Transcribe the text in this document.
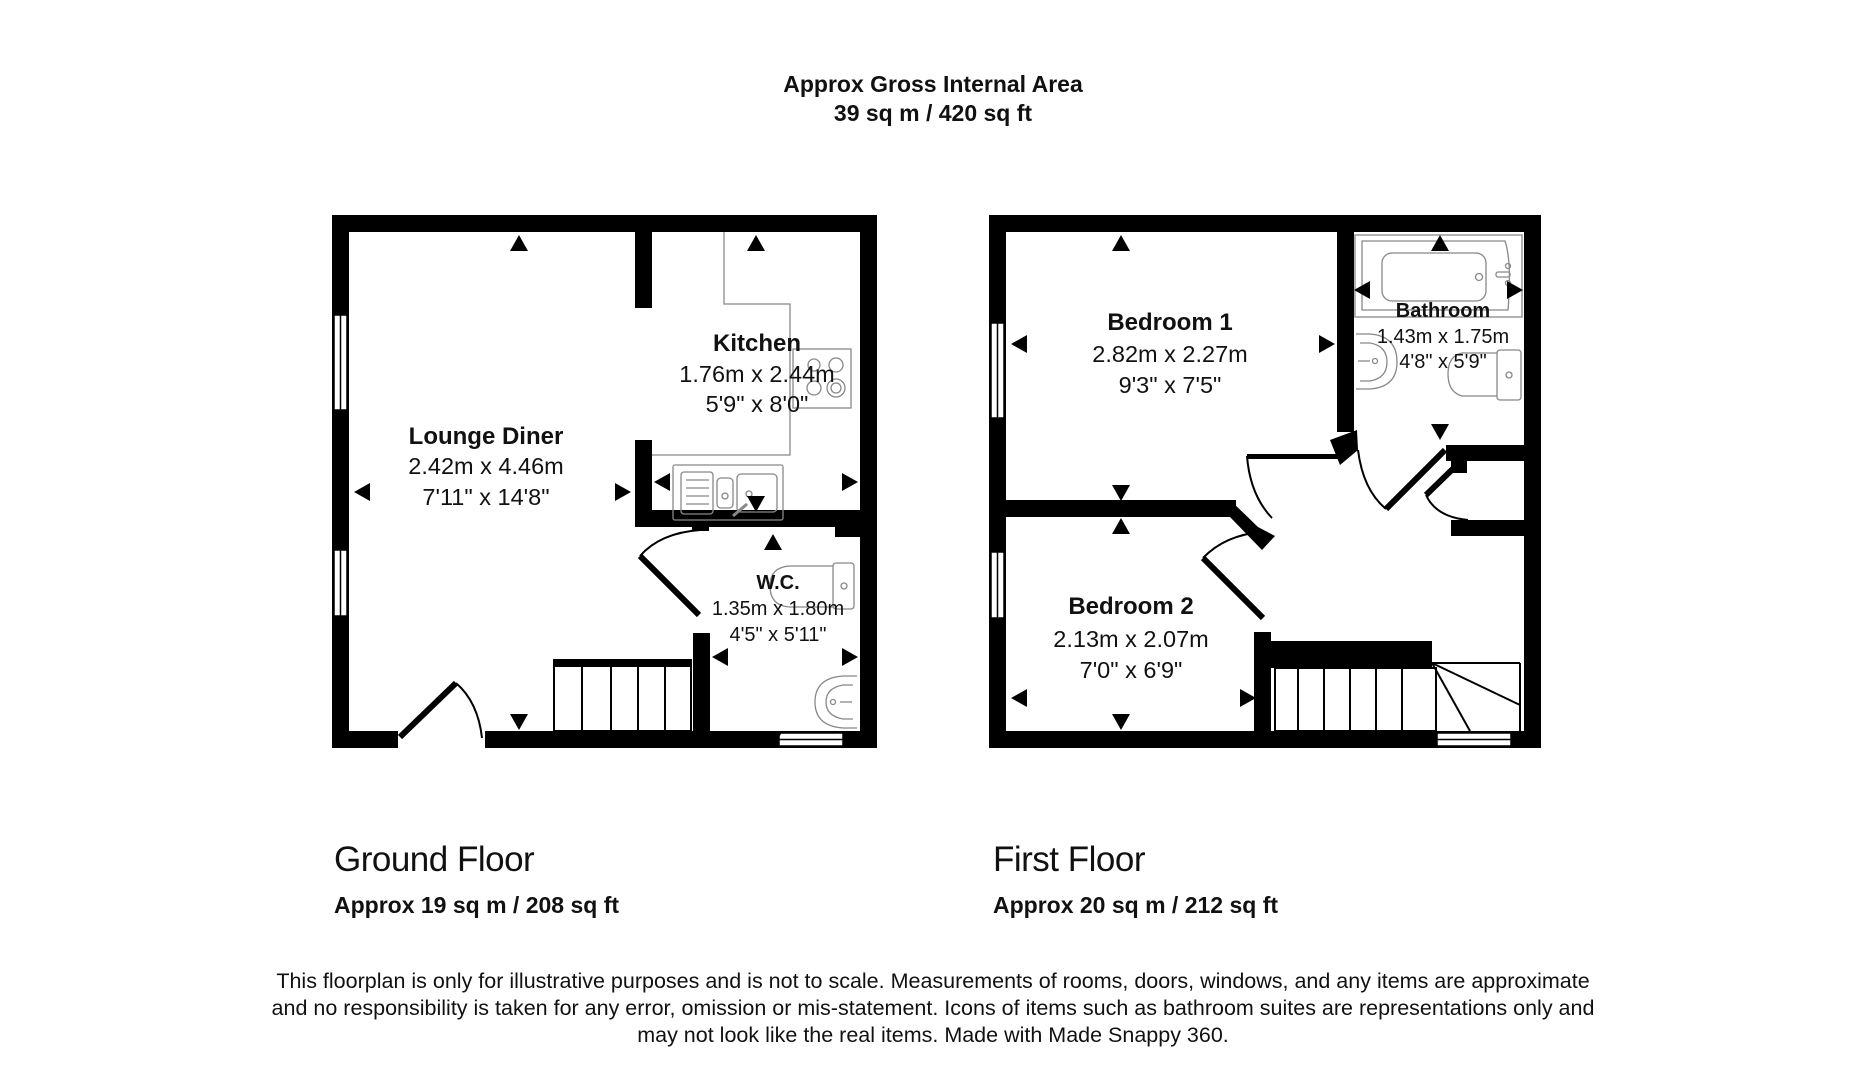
Approx Gross Internal Area
39 sq m / 420 sq ft
Lounge Diner
2.42m x 4.46m
7'11" x 14'8"
Kitchen
1.76m x 2.44m
5'9" x 8'0"
W.C.
1.35m x 1.80m
4'5" x 5'11"
Bedroom 1
2.82m x 2.27m
9'3" x 7'5"
Bathroom
1.43m x 1.75m
4'8" x 5'9"
Bedroom 2
2.13m x 2.07m
7'0" x 6'9"
Ground Floor
Approx 19 sq m / 208 sq ft
First Floor
Approx 20 sq m / 212 sq ft
This floorplan is only for illustrative purposes and is not to scale. Measurements of rooms, doors, windows, and any items are approximate
and no responsibility is taken for any error, omission or mis-statement. Icons of items such as bathroom suites are representations only and
may not look like the real items. Made with Made Snappy 360.
